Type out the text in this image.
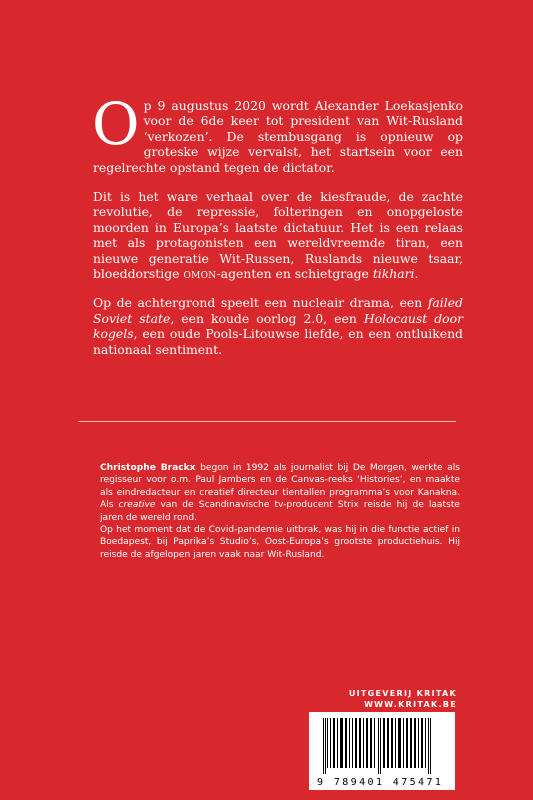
Op 9 augustus 2020 wordt Alexander Loekasjenko voor de 6de keer tot president van Wit-Rusland ‘verkozen’. De stembusgang is opnieuw op groteske wijze vervalst, het startsein voor een regelrechte opstand tegen de dictator.

Dit is het ware verhaal over de kiesfraude, de zachte revolutie, de repressie, folteringen en onopgeloste moorden in Europa’s laatste dictatuur. Het is een relaas met als protagonisten een wereldvreemde tiran, een nieuwe generatie Wit-Russen, Ruslands nieuwe tsaar, bloeddorstige omon-agenten en schietgrage tikhari.

Op de achtergrond speelt een nucleair drama, een failed Soviet state, een koude oorlog 2.0, een Holocaust door kogels, een oude Pools-Litouwse liefde, en een ontluikend nationaal sentiment.

Christophe Brackx begon in 1992 als journalist bij De Morgen, werkte als regisseur voor o.m. Paul Jambers en de Canvas-reeks ‘Histories’, en maakte als eindredacteur en creatief directeur tientallen programma’s voor Kanakna. Als creative van de Scandinavische tv-producent Strix reisde hij de laatste jaren de wereld rond.

Op het moment dat de Covid-pandemie uitbrak, was hij in die functie actief in Boedapest, bij Paprika’s Studio’s, Oost-Europa’s grootste productiehuis. Hij reisde de afgelopen jaren vaak naar Wit-Rusland.

UITGEVERIJ KRITAK
WWW.KRITAK.BE
9 789401 475471
